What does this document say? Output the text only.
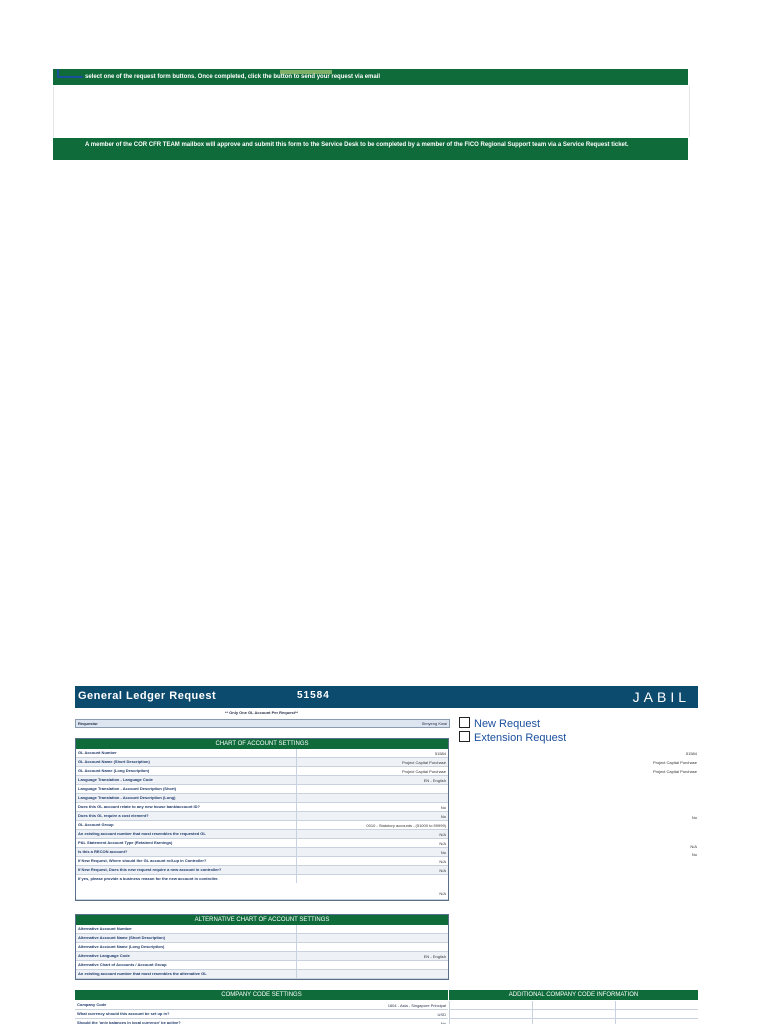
select one of the request form buttons. Once completed, click the button to send your request via email
A member of the COR CFR TEAM mailbox will approve and submit this form to the Service Desk to be completed by a member of the FICO Regional Support team via a Service Request ticket.
General Ledger Request	51584	JABIL
** Only One GL Account Per Request**
Requestor	Simyeng Kwai	New Request
Extension Request
CHART OF ACCOUNT SETTINGS
GL Account Number	51584
GL Account Name (Short Description)	Project Capital Purchase
GL Account Name (Long Description)	Project Capital Purchase
Language Translation - Language Code	EN - English
Language Translation - Account Description (Short)
Language Translation - Account Description (Long)
Does this GL account relate to any new house bank/account ID?	No
Does this GL require a cost element?	No
GL Account Group	0010 - Statutory accounts - (51000 to 59999)
An existing account number that most resembles the requested GL	N/A
P&L Statement Account Type (Retained Earnings)	N/A
Is this a RECON account?	No
If New Request, Where should the GL account roll-up in Controller?	N/A
If New Request, Does this new request require a new account in controller?	N/A
If yes, please provide a business reason for the new account in controller.
N/A
51584
Project Capital Purchase
Project Capital Purchase
No
N/A
No
ALTERNATIVE CHART OF ACCOUNT SETTINGS
Alternative Account Number
Alternative Account Name (Short Description)
Alternative Account Name (Long Description)
Alternative Language Code	EN - English
Alternative Chart of Accounts / Account Group
An existing account number that most resembles the alternative GL
COMPANY CODE SETTINGS	ADDITIONAL COMPANY CODE INFORMATION
Company Code	1604 - Asia - Singapore Principal
What currency should this account be set up in?	USD
Should the 'only balances in local currency' be active?	No
